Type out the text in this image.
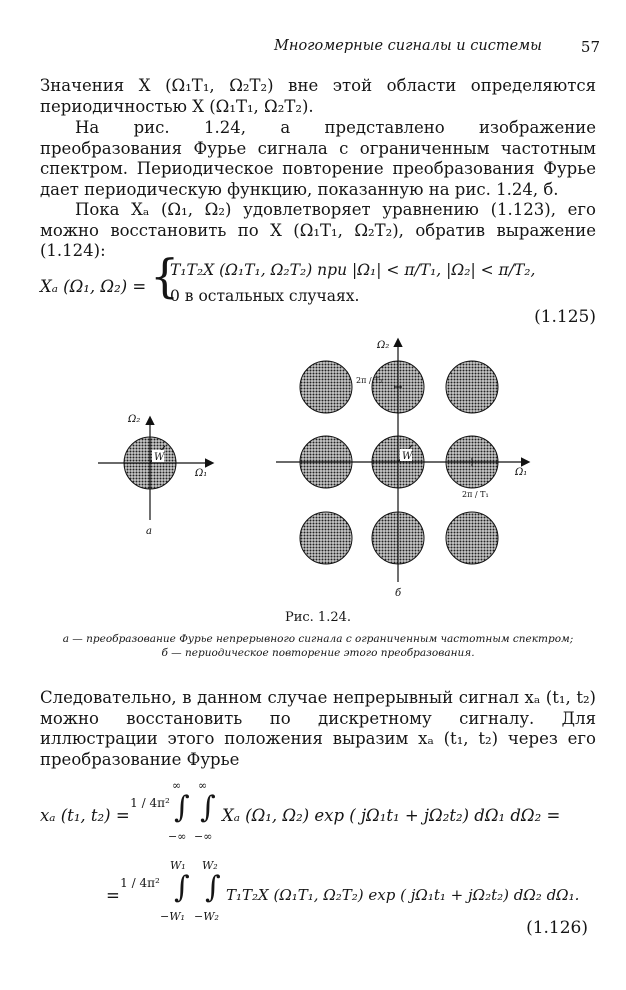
Многомерные сигналы и системы	57

Значения X (Ω₁T₁, Ω₂T₂) вне этой области определяются периодичностью X (Ω₁T₁, Ω₂T₂).

На рис. 1.24, а представлено изображение преобразования Фурье сигнала с ограниченным частотным спектром. Периодическое повторение преобразования Фурье дает периодическую функцию, показанную на рис. 1.24, б.

Пока Xₐ (Ω₁, Ω₂) удовлетворяет уравнению (1.123), его можно восстановить по X (Ω₁T₁, Ω₂T₂), обратив выражение (1.124):

Xₐ (Ω₁, Ω₂) = {
T₁T₂X (Ω₁T₁, Ω₂T₂) при |Ω₁| < π/T₁, |Ω₂| < π/T₂,
0 в остальных случаях.
(1.125)
Ω₂
Ω₁
W
а
Ω₂
Ω₁
W
2π / T₂
2π / T₁
б
Рис. 1.24.
а — преобразование Фурье непрерывного сигнала с ограниченным частотным спектром;
б — периодическое повторение этого преобразования.

Следовательно, в данном случае непрерывный сигнал xₐ (t₁, t₂) можно восстановить по дискретному сигналу. Для иллюстрации этого положения выразим xₐ (t₁, t₂) через его преобразование Фурье

xₐ (t₁, t₂) =
1 / 4π²
∞
∫
−∞
∞
∫
−∞
Xₐ (Ω₁, Ω₂) exp ( jΩ₁t₁ + jΩ₂t₂) dΩ₁ dΩ₂ =
=
1 / 4π²
W₁
∫
−W₁
W₂
∫
−W₂
T₁T₂X (Ω₁T₁, Ω₂T₂) exp ( jΩ₁t₁ + jΩ₂t₂) dΩ₂ dΩ₁.
(1.126)
